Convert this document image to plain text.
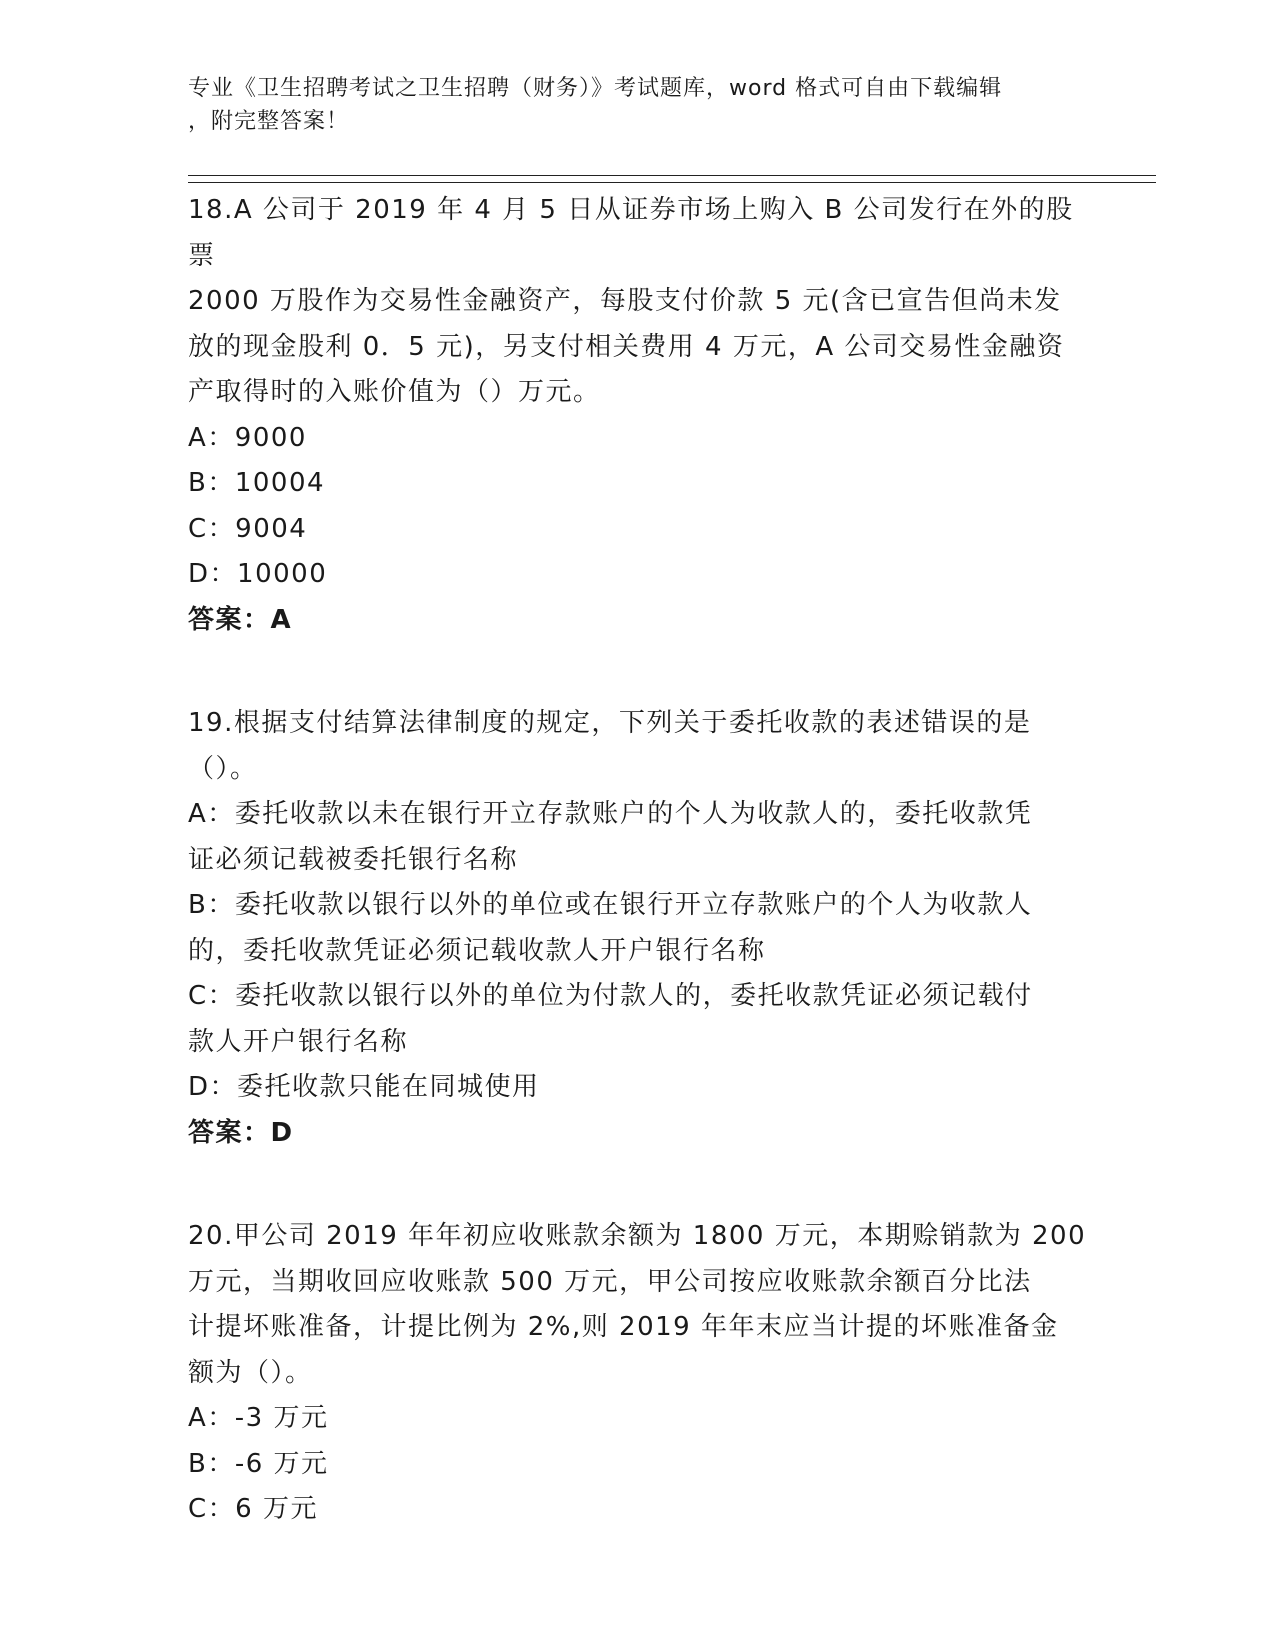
专业《卫生招聘考试之卫生招聘（财务）》考试题库，word 格式可自由下载编辑
，附完整答案！
18.A 公司于 2019 年 4 月 5 日从证券市场上购入 B 公司发行在外的股票
2000 万股作为交易性金融资产，每股支付价款 5 元(含已宣告但尚未发
放的现金股利 0．5 元)，另支付相关费用 4 万元，A 公司交易性金融资
产取得时的入账价值为（）万元。
A：9000
B：10004
C：9004
D：10000
答案：A
19.根据支付结算法律制度的规定，下列关于委托收款的表述错误的是
（）。
A：委托收款以未在银行开立存款账户的个人为收款人的，委托收款凭
证必须记载被委托银行名称
B：委托收款以银行以外的单位或在银行开立存款账户的个人为收款人
的，委托收款凭证必须记载收款人开户银行名称
C：委托收款以银行以外的单位为付款人的，委托收款凭证必须记载付
款人开户银行名称
D：委托收款只能在同城使用
答案：D
20.甲公司 2019 年年初应收账款余额为 1800 万元，本期赊销款为 200
万元，当期收回应收账款 500 万元，甲公司按应收账款余额百分比法
计提坏账准备，计提比例为 2%,则 2019 年年末应当计提的坏账准备金
额为（）。
A：-3 万元
B：-6 万元
C：6 万元
